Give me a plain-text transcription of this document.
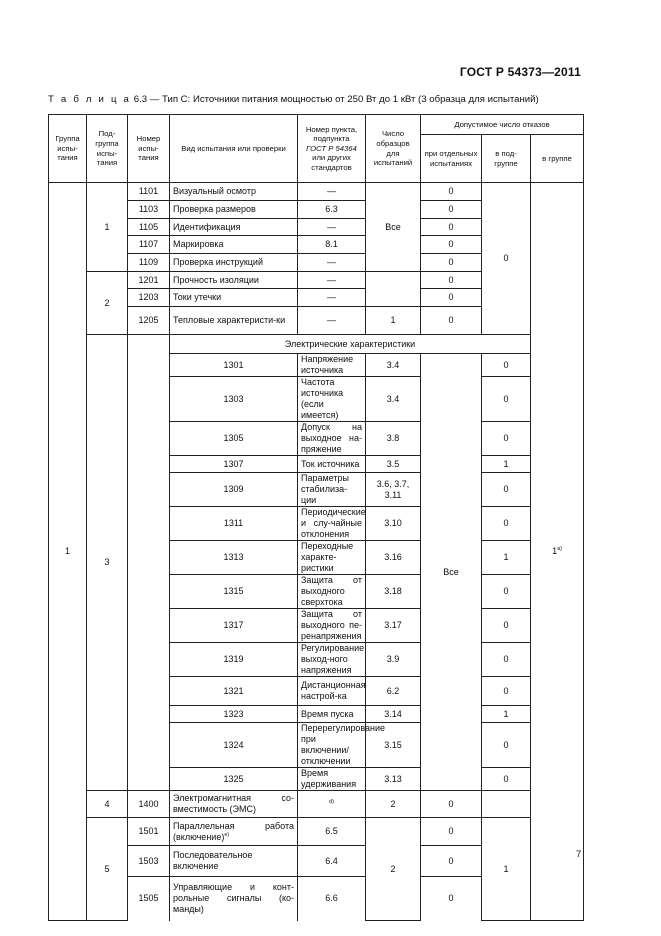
ГОСТ Р 54373—2011
Т а б л и ц а 6.3 — Тип С: Источники питания мощностью от 250 Вт до 1 кВт (3 образца для испытаний)
Группа испы-тания	Под-группа испы-тания	Номер испы-тания	Вид испытания или проверки	Номер пункта, подпункта
ГОСТ Р 54364
или других стандартов	Число образцов для испытаний	Допустимое число отказов			
						при отдельных испытаниях	в под-группе	в группе	
1	1	1101	Визуальный осмотр	—	Все	0	0	$1^{а)}$
		1103	Проверка размеров	6.3		0			
		1105	Идентификация	—		0			
		1107	Маркировка	8.1		0			
		1109	Проверка инструкций	—		0			
	2	1201	Прочность изоляции	—		0			
		1203	Токи утечки	—		0			
		1205	Тепловые характеристи-ки	—	1	0			
	3		Электрические характеристики						
			1301	Напряжение источника	3.4	Все	0	
			1303	Частота источника (если имеется)	3.4		0		
			1305	Допуск на выходное на-пряжение	3.8		0		
			1307	Ток источника	3.5		1		
			1309	Параметры стабилиза-ции	3.6, 3.7, 3.11		0		
			1311	Периодические и слу-чайные отклонения	3.10		0		
			1313	Переходные характе-ристики	3.16		1		
			1315	Защита от выходного сверхтока	3.18		0		
			1317	Защита от выходного пе-ренапряжения	3.17		0		
			1319	Регулирование выход-ного напряжения	3.9		0		
			1321	Дистанционная настрой-ка	6.2		0		
			1323	Время пуска	3.14		1		
			1324	Перерегулирование при включении/ отключении	3.15		0		
			1325	Время удерживания	3.13		0		
	4	1400	Электромагнитная со-вместимость (ЭМС)	$^{d)}$	2	0			
	5	1501	Параллельная работа (включение)$^{e)}$	6.5	2	0	1		
		1503	Последовательное включение	6.4		0			
		1505	Управляющие и конт-рольные сигналы (ко-манды)	6.6		0			
7
